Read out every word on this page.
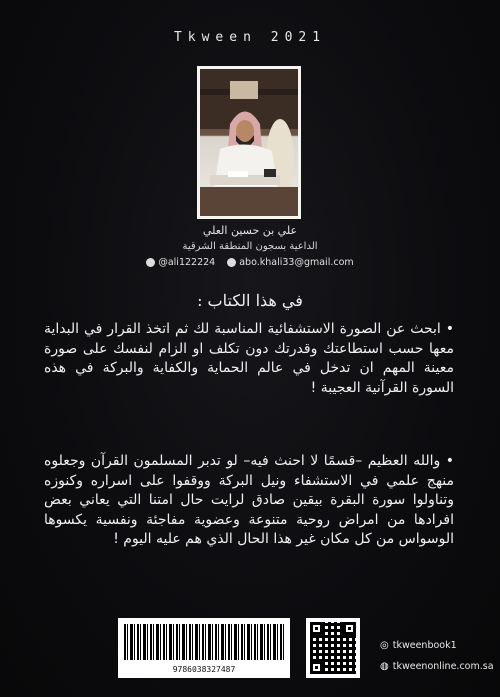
Tkween 2021
علي بن حسين العلي
الداعية بسجون المنطقة الشرقية
@ali122224	abo.khali33@gmail.com
في هذا الكتاب :
• ابحث عن الصورة الاستشفائية المناسبة لك ثم اتخذ القرار في البداية معها حسب استطاعتك وقدرتك دون تكلف او الزام لنفسك على صورة معينة المهم ان تدخل في عالم الحماية والكفاية والبركة في هذه السورة القرآنية العجيبة !
• والله العظيم –قسمًا لا احنث فيه– لو تدبر المسلمون القرآن وجعلوه منهج علمي في الاستشفاء ونيل البركة ووقفوا على اسراره وكنوزه وتناولوا سورة البقرة بيقين صادق لرايت حال امتنا التي يعاني بعض افرادها من امراض روحية متنوعة وعضوية مفاجئة ونفسية يكسوها الوسواس من كل مكان غير هذا الحال الذي هم عليه اليوم !
9786038327487
◎ tkweenbook1
◍ tkweenonline.com.sa
